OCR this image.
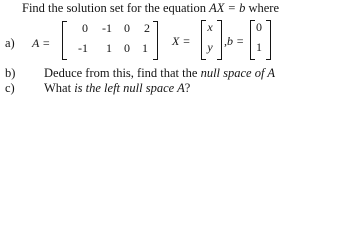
Find the solution set for the equation AX = b where
a) A =
0	-1	0	2
-1	1	0	1 X =
x
y ,b =
0
1
b) Deduce from this, find that the null space of A
c) What is the left null space A?
